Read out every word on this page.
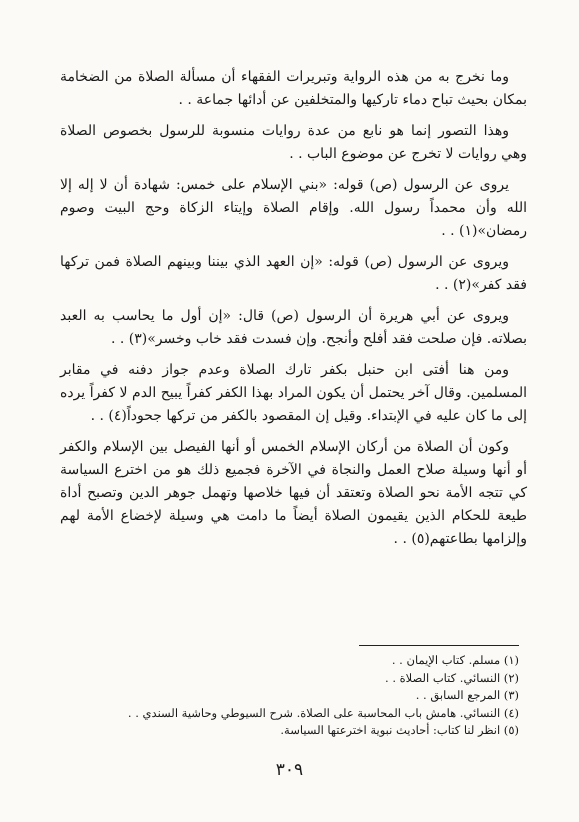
وما نخرج به من هذه الرواية وتبريرات الفقهاء أن مسألة الصلاة من الضخامة بمكان بحيث تباح دماء تاركيها والمتخلفين عن أدائها جماعة . .

وهذا التصور إنما هو نابع من عدة روايات منسوبة للرسول بخصوص الصلاة وهي روايات لا تخرج عن موضوع الباب . .

يروى عن الرسول (ص) قوله: «بني الإسلام على خمس: شهادة أن لا إله إلا الله وأن محمداً رسول الله. وإقام الصلاة وإيتاء الزكاة وحج البيت وصوم رمضان»(١) . .

ويروى عن الرسول (ص) قوله: «إن العهد الذي بيننا وبينهم الصلاة فمن تركها فقد كفر»(٢) . .

ويروى عن أبي هريرة أن الرسول (ص) قال: «إن أول ما يحاسب به العبد بصلاته. فإن صلحت فقد أفلح وأنجح. وإن فسدت فقد خاب وخسر»(٣) . .

ومن هنا أفتى ابن حنبل بكفر تارك الصلاة وعدم جواز دفنه في مقابر المسلمين. وقال آخر يحتمل أن يكون المراد بهذا الكفر كفراً يبيح الدم لا كفراً يرده إلى ما كان عليه في الإبتداء. وقيل إن المقصود بالكفر من تركها جحوداً(٤) . .

وكون أن الصلاة من أركان الإسلام الخمس أو أنها الفيصل بين الإسلام والكفر أو أنها وسيلة صلاح العمل والنجاة في الآخرة فجميع ذلك هو من اخترع السياسة كي تتجه الأمة نحو الصلاة وتعتقد أن فيها خلاصها وتهمل جوهر الدين وتصبح أداة طيعة للحكام الذين يقيمون الصلاة أيضاً ما دامت هي وسيلة لإخضاع الأمة لهم وإلزامها بطاعتهم(٥) . .

(١) مسلم. كتاب الإيمان . .

(٢) النسائي. كتاب الصلاة . .

(٣) المرجع السابق . .

(٤) النسائي. هامش باب المحاسبة على الصلاة. شرح السيوطي وحاشية السندي . .

(٥) انظر لنا كتاب: أحاديث نبوية اخترعتها السياسة.

٣٠٩
